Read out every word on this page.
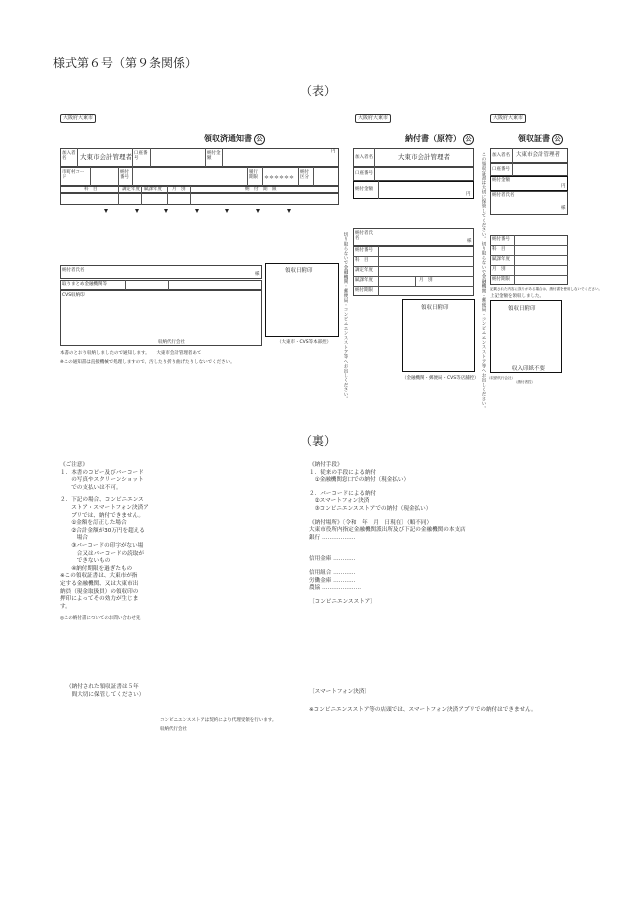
様式第６号（第９条関係）
（表）
（裏）
大阪府大東市
領収済通知書 公
加入者名	大東市会計管理者 口座番号
納付金額
円
市町村コード
納付番号
履行期限	＊＊＊＊＊＊
納付区分
科　目	調定年度 賦課年度 月　別	納　付　期　限
納付者氏名
様
取りまとめ金融機関等
CVS収納印
収納代行会社
領収日附印
（大東市・CVS等本部控）
本書のとおり収納しましたので通知します。　　大東市会計管理者あて
※この通知書は直接機械で処理しますので、汚したり折り曲げたりしないでください。	切り取らないで金融機関・郵便局・コンビニエンスストア等へお出しください。
大阪府大東市
納付書（原符） 公
加入者名	大東市会計管理者
口座番号
納付金額
円
納付者氏名
様
納付番号
科　目
調定年度
賦課年度
納付期限
月　別
領収日附印
（金融機関・郵便局・CVS等店舗控） この領収証書は大切に保管してください。切り取らないで金融機関・郵便局・コンビニエンスストア等へお出しください。
大阪府大東市
領収証書 公
加入者名 大東市会計管理者
口座番号
納付金額
円
納付者氏名
様
納付番号
科　目
賦課年度
月　別
納付期限
記載された内容に誤りがある場合は、納付書を使用しないでください。
上記金額を領収しました。
領収日附印
収入印紙不要
（収納代行会社）
（納付者控）
《ご注意》
１．本書のコピー及びバーコード
　　の写真やスクリーンショット
　　での支払いは不可。
２．下記の場合、コンビニエンス
　　ストア・スマートフォン決済ア
　　プリでは、納付できません。
　　①金額を訂正した場合
　　②合計金額が30万円を超える
　　　場合
　　③バーコードの印字がない場
　　　合又はバーコードの読取が
　　　できないもの
　　④納付期限を過ぎたもの
※この領収証書は、大東市が指
定する金融機関、又は大東市出
納員（現金取扱員）の領収印の
押印によってその効力が生じま
す。
◎この納付書についてのお問い合わせ先
（納付された領収証書は５年
　間大切に保管してください）
コンビニエンスストアは契約により代理受領を行います。
収納代行会社
《納付手段》
１．従来の手段による納付
　①金融機関窓口での納付（現金払い）
２．バーコードによる納付
　②スマートフォン決済
　③コンビニエンスストアでの納付（現金払い）
《納付場所》〔令和　年　月　日現在〕（順不同）
大東市役所内指定金融機関派出所及び下記の金融機関の本支店
銀行 ………………
信用金庫 …………
信用組合 …………
労働金庫 …………
農協 …………………
〔コンビニエンスストア〕
〔スマートフォン決済〕
※コンビニエンスストア等の店頭では、スマートフォン決済アプリでの納付はできません。
